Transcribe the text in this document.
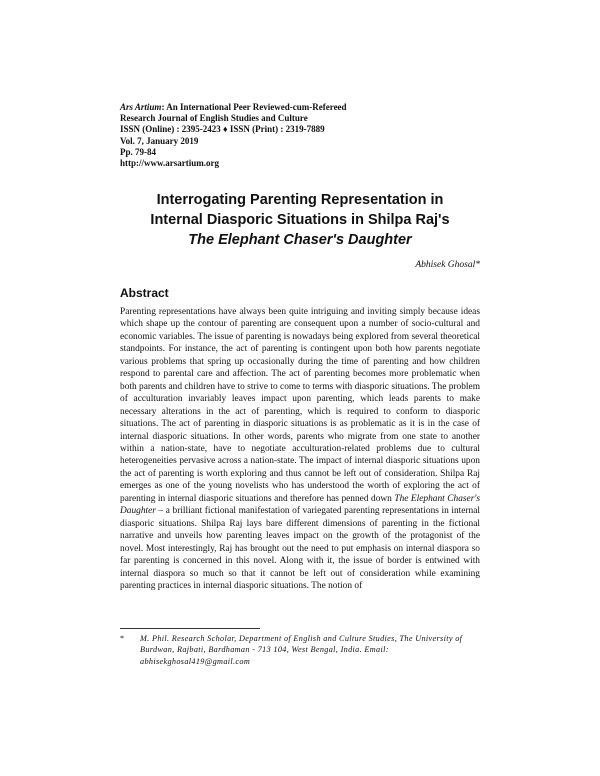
Ars Artium: An International Peer Reviewed-cum-Refereed
Research Journal of English Studies and Culture
ISSN (Online) : 2395-2423 ♦ ISSN (Print) : 2319-7889
Vol. 7, January 2019
Pp. 79-84
http://www.arsartium.org
Interrogating Parenting Representation in
Internal Diasporic Situations in Shilpa Raj's
The Elephant Chaser's Daughter
Abhisek Ghosal*
Abstract
Parenting representations have always been quite intriguing and inviting simply because ideas which shape up the contour of parenting are consequent upon a number of socio-cultural and economic variables. The issue of parenting is nowadays being explored from several theoretical standpoints. For instance, the act of parenting is contingent upon both how parents negotiate various problems that spring up occasionally during the time of parenting and how children respond to parental care and affection. The act of parenting becomes more problematic when both parents and children have to strive to come to terms with diasporic situations. The problem of acculturation invariably leaves impact upon parenting, which leads parents to make necessary alterations in the act of parenting, which is required to conform to diasporic situations. The act of parenting in diasporic situations is as problematic as it is in the case of internal diasporic situations. In other words, parents who migrate from one state to another within a nation-state, have to negotiate acculturation-related problems due to cultural heterogeneities pervasive across a nation-state. The impact of internal diasporic situations upon the act of parenting is worth exploring and thus cannot be left out of consideration. Shilpa Raj emerges as one of the young novelists who has understood the worth of exploring the act of parenting in internal diasporic situations and therefore has penned down The Elephant Chaser's Daughter – a brilliant fictional manifestation of variegated parenting representations in internal diasporic situations. Shilpa Raj lays bare different dimensions of parenting in the fictional narrative and unveils how parenting leaves impact on the growth of the protagonist of the novel. Most interestingly, Raj has brought out the need to put emphasis on internal diaspora so far parenting is concerned in this novel. Along with it, the issue of border is entwined with internal diaspora so much so that it cannot be left out of consideration while examining parenting practices in internal diasporic situations. The notion of
*	M. Phil. Research Scholar, Department of English and Culture Studies, The University of Burdwan, Rajbati, Bardhaman - 713 104, West Bengal, India. Email: abhisekghosal419@gmail.com
